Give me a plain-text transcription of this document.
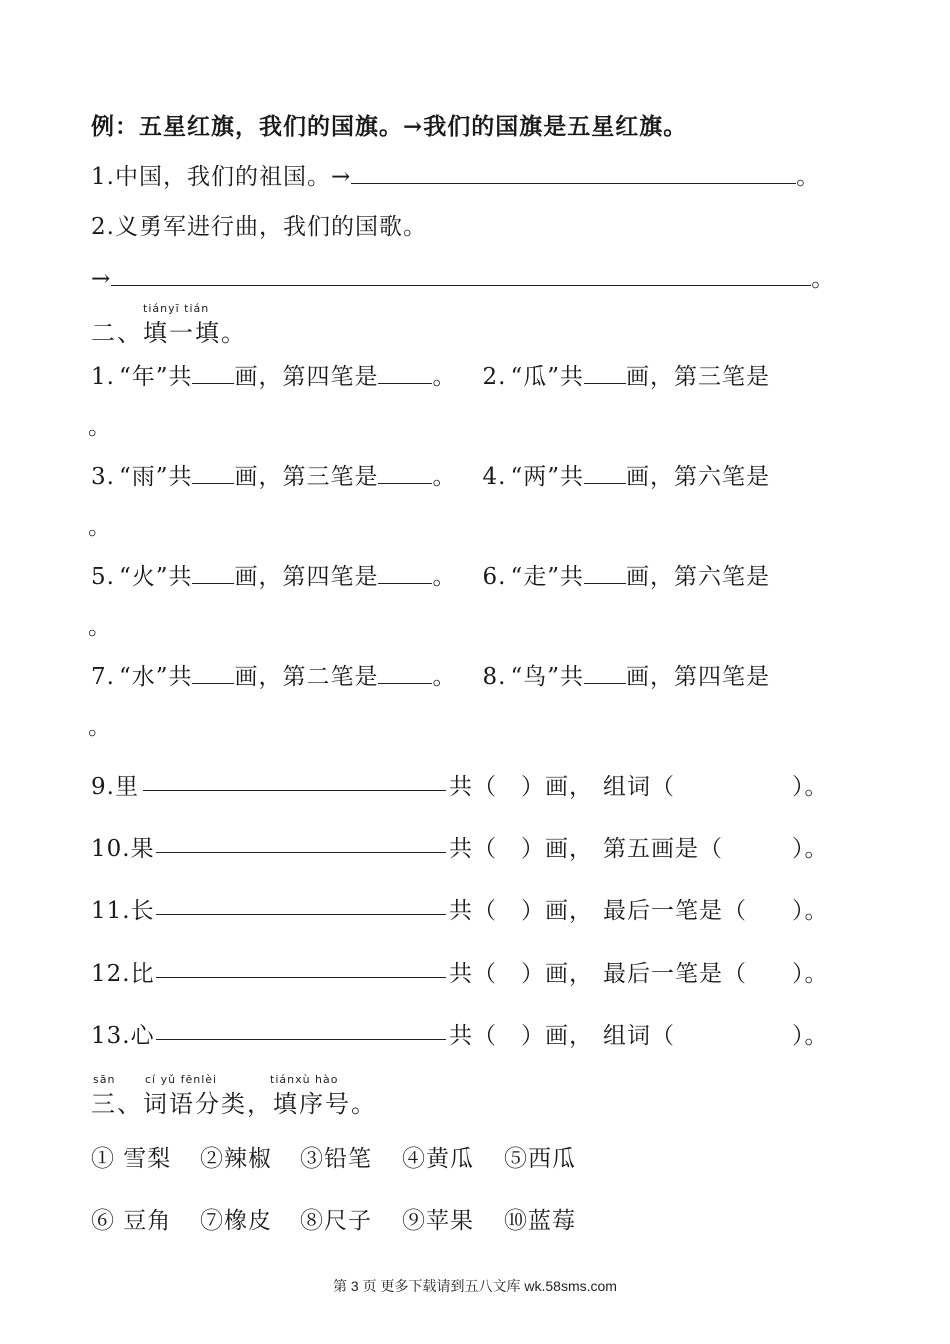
例：五星红旗，我们的国旗。→我们的国旗是五星红旗。
1.中国，我们的祖国。→	。
2.义勇军进行曲，我们的国歌。
→	。
tiányī tián
二、填一填。
1. “年”共 画，第四笔是 。 2. “瓜”共 画，第三笔是
。
3. “雨”共 画，第三笔是 。 4. “两”共 画，第六笔是
。
5. “火”共 画，第四笔是 。 6. “走”共 画，第六笔是
。
7. “水”共 画，第二笔是 。 8. “鸟”共 画，第四笔是
。
9.里	共（　）画， 组词（	）。
10.果	共（　）画， 第五画是（	）。
11.长	共（　）画， 最后一笔是（ ）。
12.比	共（　）画， 最后一笔是（ ）。
13.心	共（　）画， 组词（	）。
sān	cí yǔ fēnlèi	tiánxù hào
三、词语分类，填序号。
① 雪梨 ②辣椒 ③铅笔 ④黄瓜 ⑤西瓜
⑥ 豆角 ⑦橡皮 ⑧尺子 ⑨苹果 ⑩蓝莓
第 3 页 更多下载请到五八文库 wk.58sms.com
